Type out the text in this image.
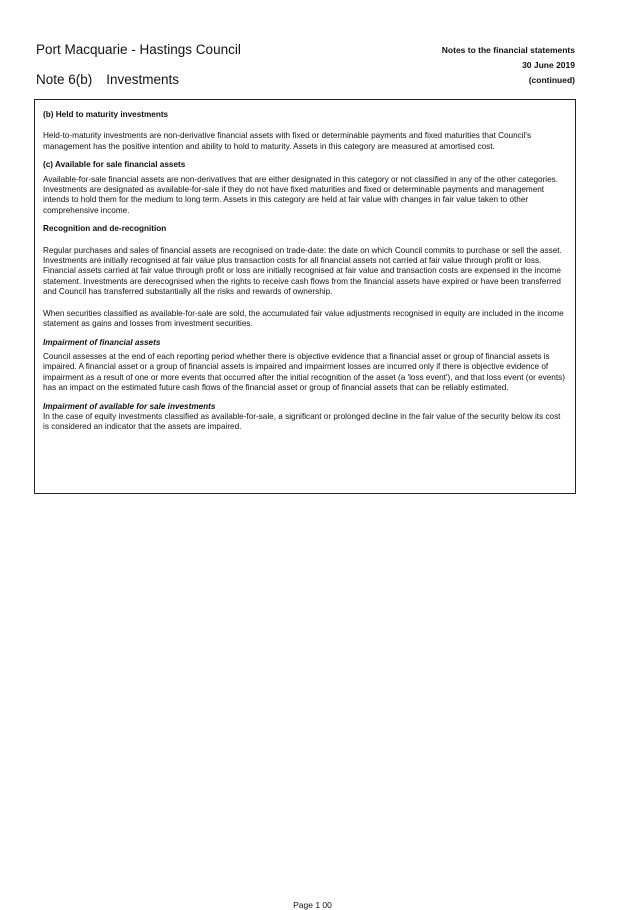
Port Macquarie - Hastings Council
Note 6(b) Investments
Notes to the financial statements
30 June 2019
(continued)
(b) Held to maturity investments

Held-to-maturity investments are non-derivative financial assets with fixed or determinable payments and fixed maturities that Council's management has the positive intention and ability to hold to maturity. Assets in this category are measured at amortised cost.

(c) Available for sale financial assets

Available-for-sale financial assets are non-derivatives that are either designated in this category or not classified in any of the other categories. Investments are designated as available-for-sale if they do not have fixed maturities and fixed or determinable payments and management intends to hold them for the medium to long term. Assets in this category are held at fair value with changes in fair value taken to other comprehensive income.

Recognition and de-recognition

Regular purchases and sales of financial assets are recognised on trade-date: the date on which Council commits to purchase or sell the asset. Investments are initially recognised at fair value plus transaction costs for all financial assets not carried at fair value through profit or loss. Financial assets carried at fair value through profit or loss are initially recognised at fair value and transaction costs are expensed in the income statement. Investments are derecognised when the rights to receive cash flows from the financial assets have expired or have been transferred and Council has transferred substantially all the risks and rewards of ownership.

When securities classified as available-for-sale are sold, the accumulated fair value adjustments recognised in equity are included in the income statement as gains and losses from investment securities.

Impairment of financial assets

Council assesses at the end of each reporting period whether there is objective evidence that a financial asset or group of financial assets is impaired. A financial asset or a group of financial assets is impaired and impairment losses are incurred only if there is objective evidence of impairment as a result of one or more events that occurred after the initial recognition of the asset (a 'loss event'), and that loss event (or events) has an impact on the estimated future cash flows of the financial asset or group of financial assets that can be reliably estimated.

Impairment of available for sale investments

In the case of equity investments classified as available-for-sale, a significant or prolonged decline in the fair value of the security below its cost is considered an indicator that the assets are impaired.

Page 1 00
